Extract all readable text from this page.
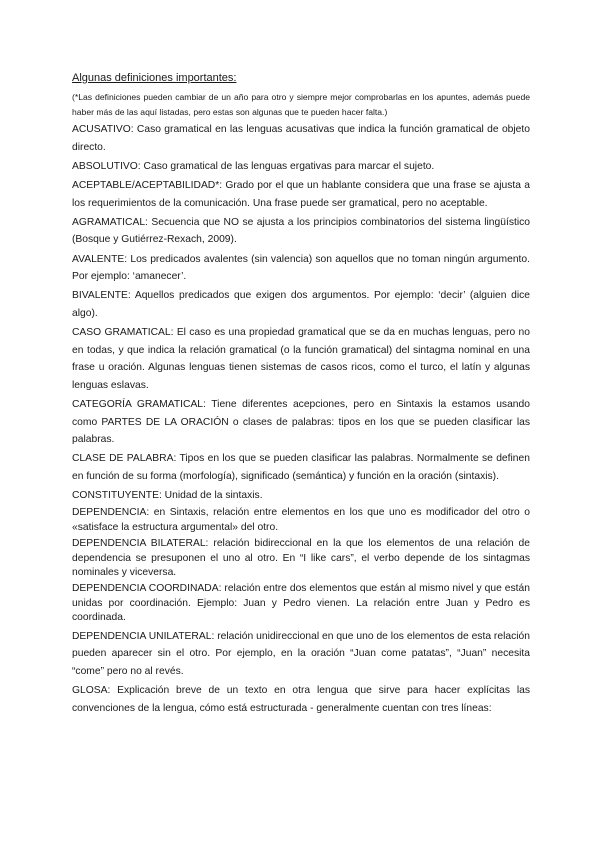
Algunas definiciones importantes:
(*Las definiciones pueden cambiar de un año para otro y siempre mejor comprobarlas en los apuntes, además puede haber más de las aquí listadas, pero estas son algunas que te pueden hacer falta.)
ACUSATIVO: Caso gramatical en las lenguas acusativas que indica la función gramatical de objeto directo.
ABSOLUTIVO: Caso gramatical de las lenguas ergativas para marcar el sujeto.
ACEPTABLE/ACEPTABILIDAD*: Grado por el que un hablante considera que una frase se ajusta a los requerimientos de la comunicación. Una frase puede ser gramatical, pero no aceptable.
AGRAMATICAL: Secuencia que NO se ajusta a los principios combinatorios del sistema lingüístico (Bosque y Gutiérrez-Rexach, 2009).
AVALENTE: Los predicados avalentes (sin valencia) son aquellos que no toman ningún argumento. Por ejemplo: ‘amanecer’.
BIVALENTE: Aquellos predicados que exigen dos argumentos. Por ejemplo: ‘decir’ (alguien dice algo).
CASO GRAMATICAL: El caso es una propiedad gramatical que se da en muchas lenguas, pero no en todas, y que indica la relación gramatical (o la función gramatical) del sintagma nominal en una frase u oración. Algunas lenguas tienen sistemas de casos ricos, como el turco, el latín y algunas lenguas eslavas.
CATEGORÍA GRAMATICAL: Tiene diferentes acepciones, pero en Sintaxis la estamos usando como PARTES DE LA ORACIÓN o clases de palabras: tipos en los que se pueden clasificar las palabras.
CLASE DE PALABRA: Tipos en los que se pueden clasificar las palabras. Normalmente se definen en función de su forma (morfología), significado (semántica) y función en la oración (sintaxis).
CONSTITUYENTE: Unidad de la sintaxis.
DEPENDENCIA: en Sintaxis, relación entre elementos en los que uno es modificador del otro o «satisface la estructura argumental» del otro.
DEPENDENCIA BILATERAL: relación bidireccional en la que los elementos de una relación de dependencia se presuponen el uno al otro. En “I like cars”, el verbo depende de los sintagmas nominales y viceversa.
DEPENDENCIA COORDINADA: relación entre dos elementos que están al mismo nivel y que están unidas por coordinación. Ejemplo: Juan y Pedro vienen. La relación entre Juan y Pedro es coordinada.
DEPENDENCIA UNILATERAL: relación unidireccional en que uno de los elementos de esta relación pueden aparecer sin el otro. Por ejemplo, en la oración “Juan come patatas”, “Juan” necesita “come” pero no al revés.
GLOSA: Explicación breve de un texto en otra lengua que sirve para hacer explícitas las convenciones de la lengua, cómo está estructurada - generalmente cuentan con tres líneas:
